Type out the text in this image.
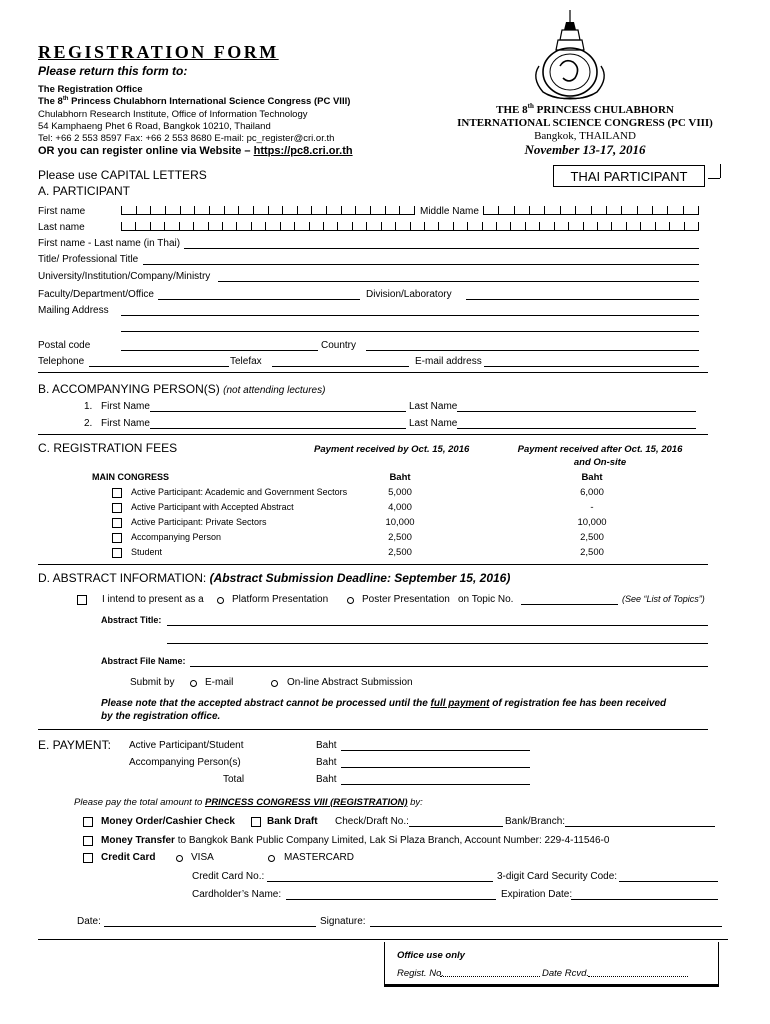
REGISTRATION FORM
Please return this form to:
The Registration Office
The 8th Princess Chulabhorn International Science Congress (PC VIII)
Chulabhorn Research Institute, Office of Information Technology
54 Kamphaeng Phet 6 Road, Bangkok 10210, Thailand
Tel: +66 2 553 8597 Fax: +66 2 553 8680 E-mail: pc_register@cri.or.th
OR you can register online via Website – https://pc8.cri.or.th
THE 8th PRINCESS CHULABHORN
INTERNATIONAL SCIENCE CONGRESS (PC VIII)
Bangkok, THAILAND
November 13-17, 2016
Please use CAPITAL LETTERS	THAI PARTICIPANT
A. PARTICIPANT
First name	Middle Name
Last name
First name - Last name (in Thai)
Title/ Professional Title
University/Institution/Company/Ministry
Faculty/Department/Office	Division/Laboratory
Mailing Address
Postal code	Country
Telephone	Telefax	E-mail address
B. ACCOMPANYING PERSON(S) (not attending lectures)
1. First Name	Last Name
2. First Name	Last Name
C. REGISTRATION FEES	Payment received by Oct. 15, 2016	Payment received after Oct. 15, 2016
and On-site
MAIN CONGRESS	Baht	Baht
Active Participant: Academic and Government Sectors	5,000	6,000
Active Participant with Accepted Abstract	4,000	-
Active Participant: Private Sectors	10,000	10,000
Accompanying Person	2,500	2,500
Student	2,500	2,500
D. ABSTRACT INFORMATION: (Abstract Submission Deadline: September 15, 2016)
I intend to present as a	Platform Presentation	Poster Presentation on Topic No.	(See “List of Topics”)
Abstract Title:
Abstract File Name:
Submit by	E-mail	On-line Abstract Submission
Please note that the accepted abstract cannot be processed until the full payment of registration fee has been received
by the registration office.
E. PAYMENT: Active Participant/Student	Baht
Accompanying Person(s)	Baht
Total	Baht
Please pay the total amount to PRINCESS CONGRESS VIII (REGISTRATION) by:
Money Order/Cashier Check	Bank Draft Check/Draft No.:	Bank/Branch:
Money Transfer to Bangkok Bank Public Company Limited, Lak Si Plaza Branch, Account Number: 229-4-11546-0
Credit Card	VISA	MASTERCARD
Credit Card No.:	3-digit Card Security Code:
Cardholder’s Name:	Expiration Date:
Date:	Signature:
Office use only
Regist. No.	Date Rcvd.
